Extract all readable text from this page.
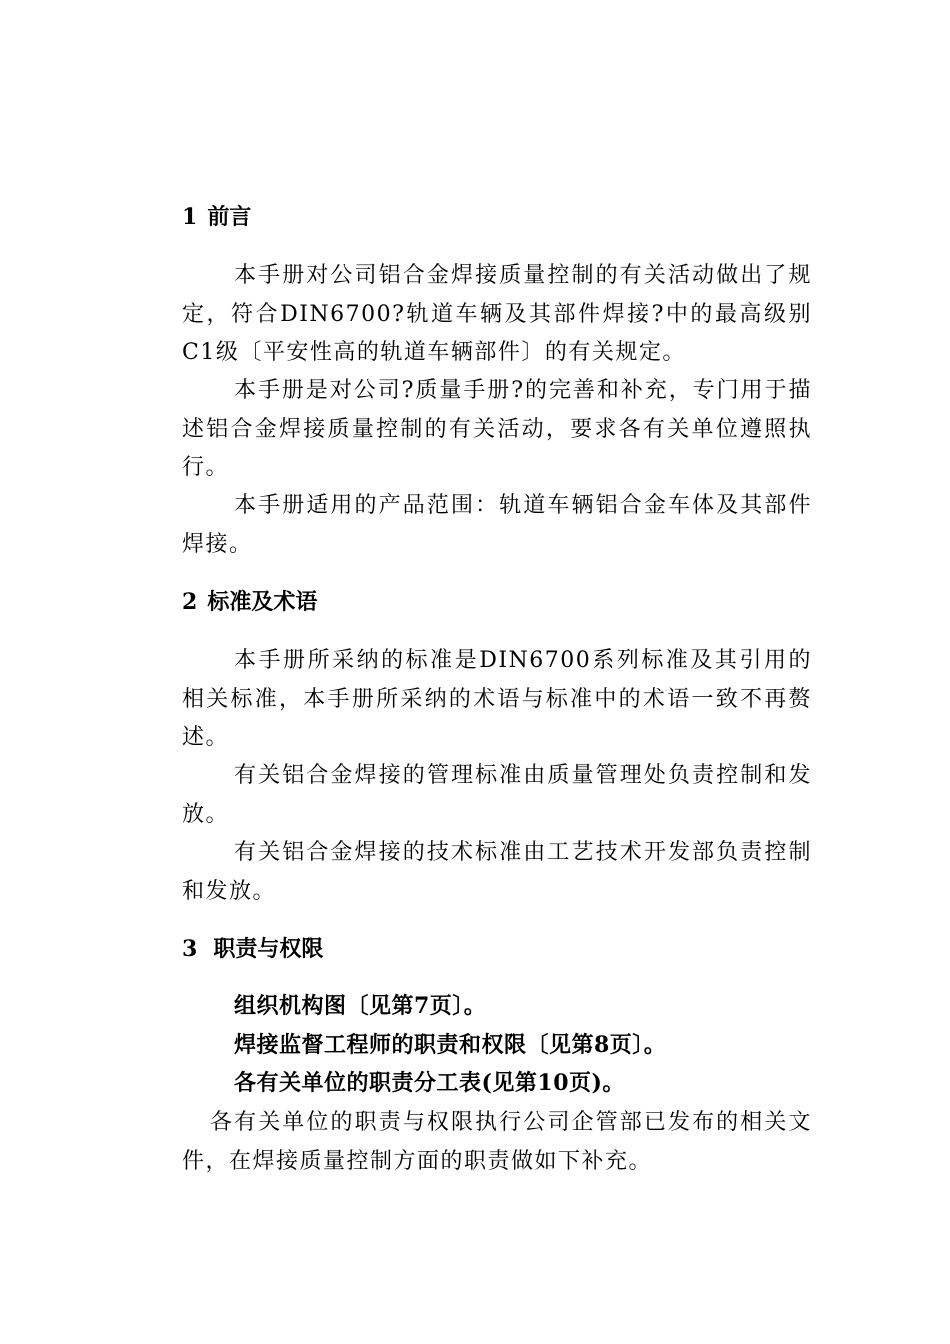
1 前言

本手册对公司铝合金焊接质量控制的有关活动做出了规定，符合DIN6700?轨道车辆及其部件焊接?中的最高级别C1级〔平安性高的轨道车辆部件〕的有关规定。

本手册是对公司?质量手册?的完善和补充，专门用于描述铝合金焊接质量控制的有关活动，要求各有关单位遵照执行。

本手册适用的产品范围：轨道车辆铝合金车体及其部件焊接。

2 标准及术语

本手册所采纳的标准是DIN6700系列标准及其引用的相关标准，本手册所采纳的术语与标准中的术语一致不再赘述。

有关铝合金焊接的管理标准由质量管理处负责控制和发放。

有关铝合金焊接的技术标准由工艺技术开发部负责控制和发放。

3 职责与权限
组织机构图〔见第7页〕。
焊接监督工程师的职责和权限〔见第8页〕。
各有关单位的职责分工表(见第10页)。

各有关单位的职责与权限执行公司企管部已发布的相关文件，在焊接质量控制方面的职责做如下补充。
